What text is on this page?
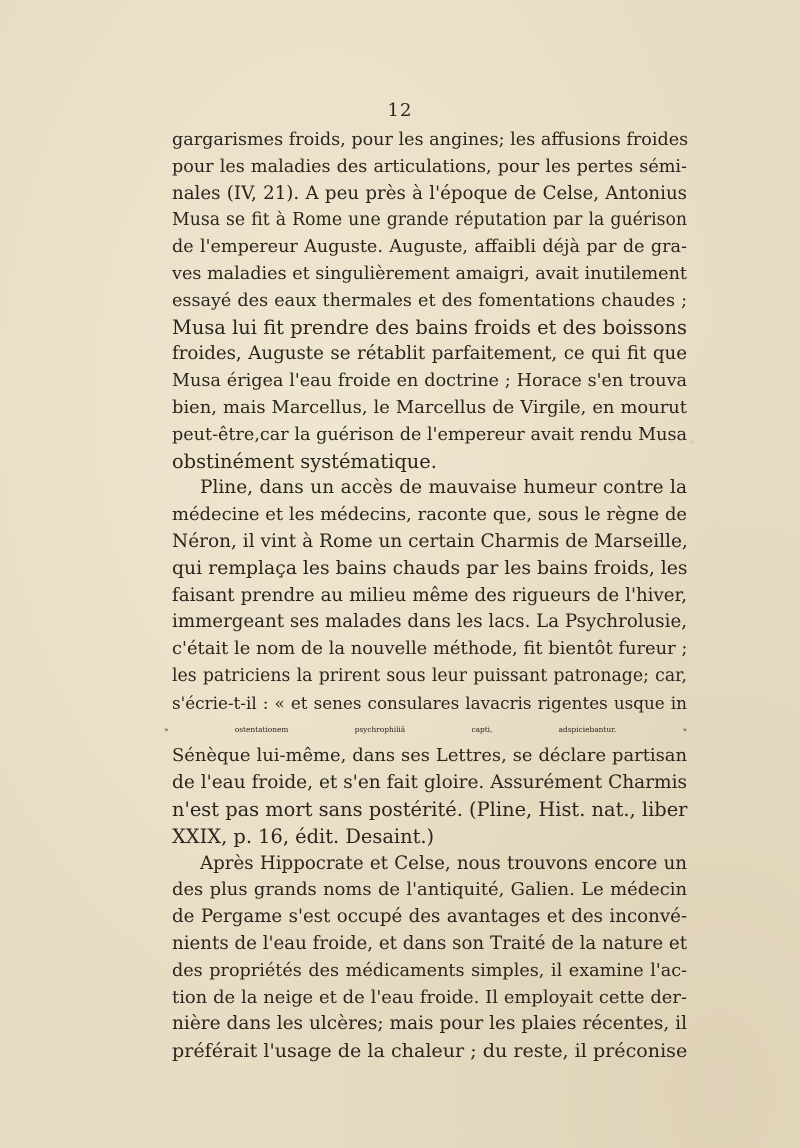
12
gargarismes froids, pour les angines; les affusions froides
pour les maladies des articulations, pour les pertes sémi-
nales (IV, 21). A peu près à l'époque de Celse, Antonius
Musa se fit à Rome une grande réputation par la guérison
de l'empereur Auguste. Auguste, affaibli déjà par de gra-
ves maladies et singulièrement amaigri, avait inutilement
essayé des eaux thermales et des fomentations chaudes ;
Musa lui fit prendre des bains froids et des boissons
froides, Auguste se rétablit parfaitement, ce qui fit que
Musa érigea l'eau froide en doctrine ; Horace s'en trouva
bien, mais Marcellus, le Marcellus de Virgile, en mourut
peut-être,car la guérison de l'empereur avait rendu Musa
obstinément systématique.
Pline, dans un accès de mauvaise humeur contre la
médecine et les médecins, raconte que, sous le règne de
Néron, il vint à Rome un certain Charmis de Marseille,
qui remplaça les bains chauds par les bains froids, les
faisant prendre au milieu même des rigueurs de l'hiver,
immergeant ses malades dans les lacs. La Psychrolusie,
c'était le nom de la nouvelle méthode, fit bientôt fureur ;
les patriciens la prirent sous leur puissant patronage; car,
s'écrie-t-il : « et senes consulares lavacris rigentes usque in
» ostentationem psychrophiliâ capti, adspiciebantur. »
Sénèque lui-même, dans ses Lettres, se déclare partisan
de l'eau froide, et s'en fait gloire. Assurément Charmis
n'est pas mort sans postérité. (Pline, Hist. nat., liber
XXIX, p. 16, édit. Desaint.)
Après Hippocrate et Celse, nous trouvons encore un
des plus grands noms de l'antiquité, Galien. Le médecin
de Pergame s'est occupé des avantages et des inconvé-
nients de l'eau froide, et dans son Traité de la nature et
des propriétés des médicaments simples, il examine l'ac-
tion de la neige et de l'eau froide. Il employait cette der-
nière dans les ulcères; mais pour les plaies récentes, il
préférait l'usage de la chaleur ; du reste, il préconise
